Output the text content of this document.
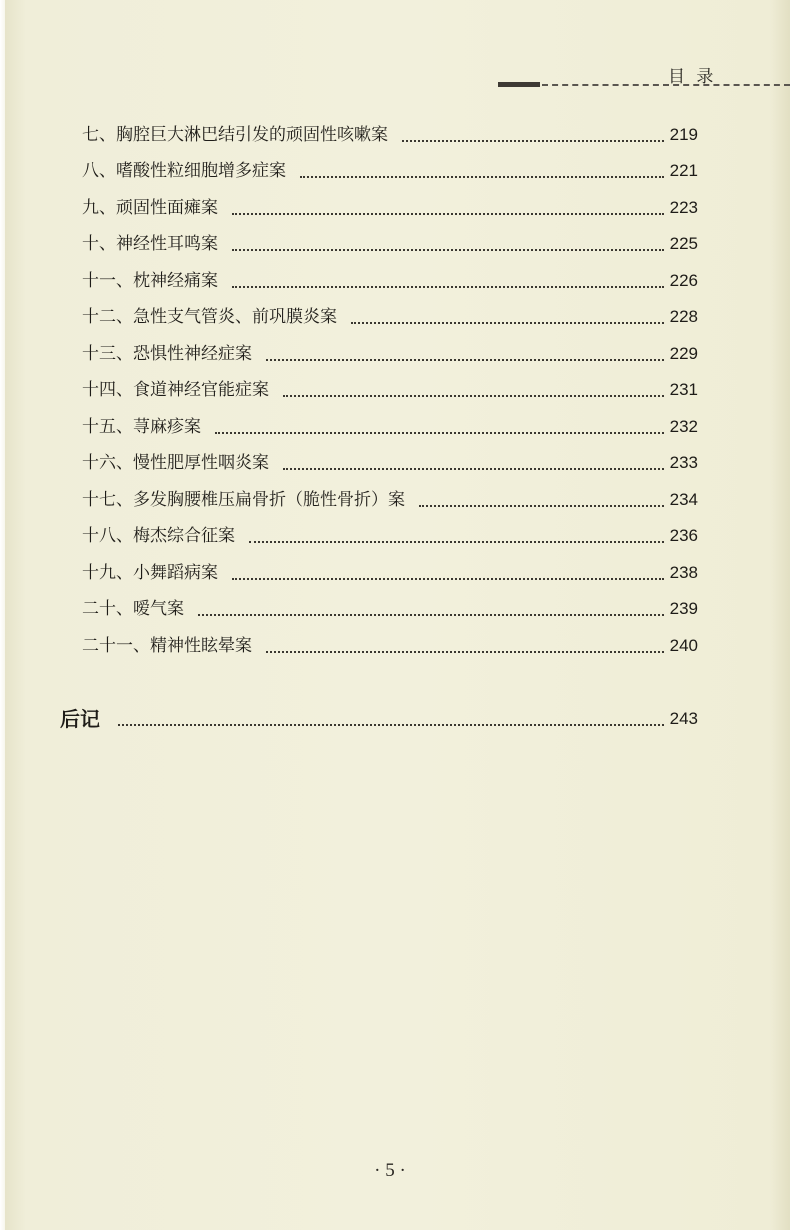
目 录
七、胸腔巨大淋巴结引发的顽固性咳嗽案	219
八、嗜酸性粒细胞增多症案	221
九、顽固性面瘫案	223
十、神经性耳鸣案	225
十一、枕神经痛案	226
十二、急性支气管炎、前巩膜炎案	228
十三、恐惧性神经症案	229
十四、食道神经官能症案	231
十五、荨麻疹案	232
十六、慢性肥厚性咽炎案	233
十七、多发胸腰椎压扁骨折（脆性骨折）案	234
十八、梅杰综合征案	236
十九、小舞蹈病案	238
二十、嗳气案	239
二十一、精神性眩晕案	240
后记	243
· 5 ·
